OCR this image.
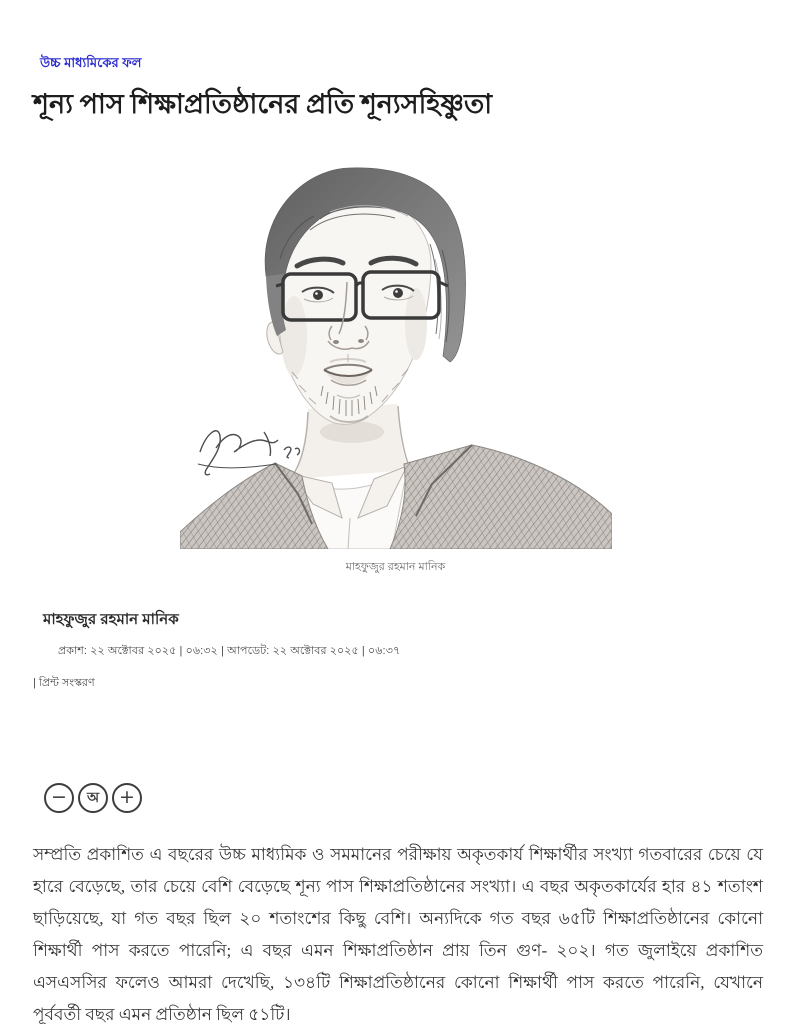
উচ্চ মাধ্যমিকের ফল
শূন্য পাস শিক্ষাপ্রতিষ্ঠানের প্রতি শূন্যসহিষ্ণুতা
মাহফুজুর রহমান মানিক
মাহফুজুর রহমান মানিক
প্রকাশ: ২২ অক্টোবর ২০২৫ | ০৬:৩২ | আপডেট: ২২ অক্টোবর ২০২৫ | ০৬:৩৭
| প্রিন্ট সংস্করণ
− অ +

সম্প্রতি প্রকাশিত এ বছরের উচ্চ মাধ্যমিক ও সমমানের পরীক্ষায় অকৃতকার্য শিক্ষার্থীর সংখ্যা গতবারের চেয়ে যে হারে বেড়েছে, তার চেয়ে বেশি বেড়েছে শূন্য পাস শিক্ষাপ্রতিষ্ঠানের সংখ্যা। এ বছর অকৃতকার্যের হার ৪১ শতাংশ ছাড়িয়েছে, যা গত বছর ছিল ২০ শতাংশের কিছু বেশি। অন্যদিকে গত বছর ৬৫টি শিক্ষাপ্রতিষ্ঠানের কোনো শিক্ষার্থী পাস করতে পারেনি; এ বছর এমন শিক্ষাপ্রতিষ্ঠান প্রায় তিন গুণ- ২০২। গত জুলাইয়ে প্রকাশিত এসএসসির ফলেও আমরা দেখেছি, ১৩৪টি শিক্ষাপ্রতিষ্ঠানের কোনো শিক্ষার্থী পাস করতে পারেনি, যেখানে পূর্ববর্তী বছর এমন প্রতিষ্ঠান ছিল ৫১টি।
